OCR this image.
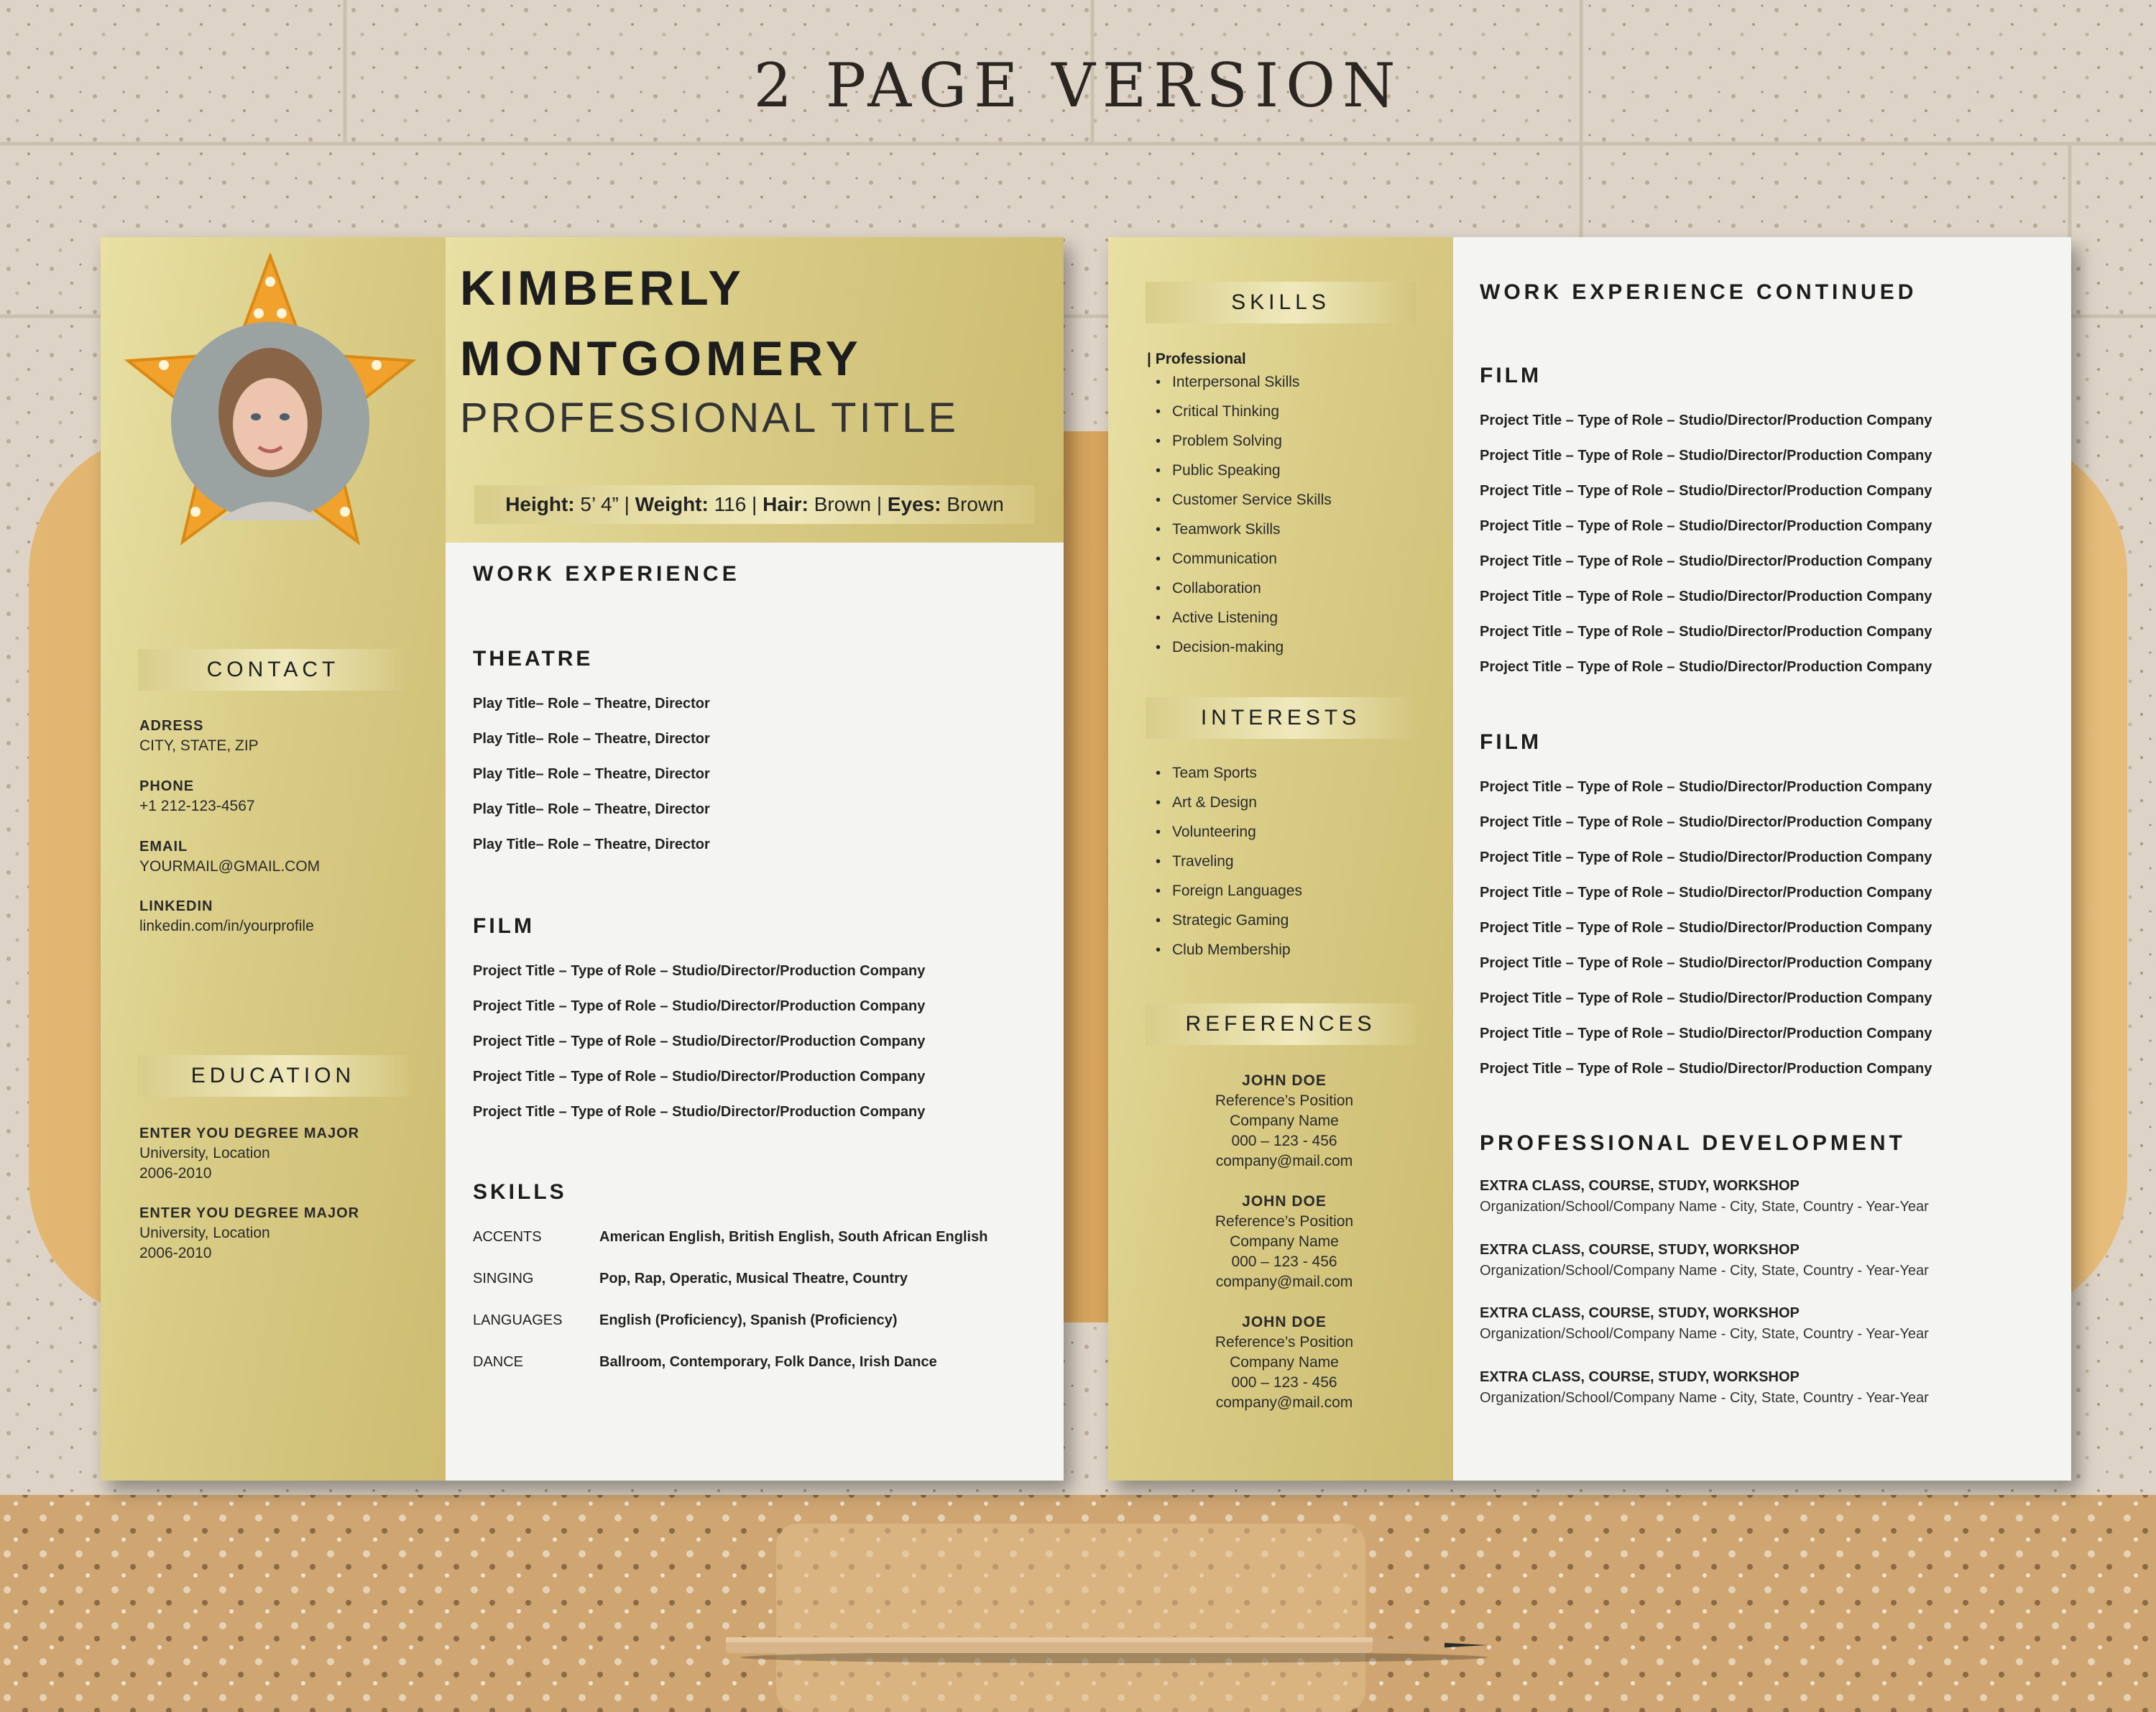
2 PAGE VERSION
CONTACT
ADRESS
CITY, STATE, ZIP
PHONE
+1 212-123-4567
EMAIL
YOURMAIL@GMAIL.COM
LINKEDIN
linkedin.com/in/yourprofile
EDUCATION
ENTER YOU DEGREE MAJOR
University, Location
2006-2010
ENTER YOU DEGREE MAJOR
University, Location
2006-2010
KIMBERLY
MONTGOMERY
PROFESSIONAL TITLE
Height: 5’ 4” | Weight: 116 | Hair: Brown | Eyes: Brown
WORK EXPERIENCE
THEATRE
Play Title– Role – Theatre, Director
Play Title– Role – Theatre, Director
Play Title– Role – Theatre, Director
Play Title– Role – Theatre, Director
Play Title– Role – Theatre, Director
FILM
Project Title – Type of Role – Studio/Director/Production Company
Project Title – Type of Role – Studio/Director/Production Company
Project Title – Type of Role – Studio/Director/Production Company
Project Title – Type of Role – Studio/Director/Production Company
Project Title – Type of Role – Studio/Director/Production Company
SKILLS
ACCENTS	American English, British English, South African English
SINGING	Pop, Rap, Operatic, Musical Theatre, Country
LANGUAGES	English (Proficiency), Spanish (Proficiency)
DANCE	Ballroom, Contemporary, Folk Dance, Irish Dance
SKILLS
| Professional
• Interpersonal Skills
• Critical Thinking
• Problem Solving
• Public Speaking
• Customer Service Skills
• Teamwork Skills
• Communication
• Collaboration
• Active Listening
• Decision-making
INTERESTS
• Team Sports
• Art & Design
• Volunteering
• Traveling
• Foreign Languages
• Strategic Gaming
• Club Membership
REFERENCES
JOHN DOE
Reference’s Position
Company Name
000 – 123 - 456
company@mail.com
JOHN DOE
Reference’s Position
Company Name
000 – 123 - 456
company@mail.com
JOHN DOE
Reference’s Position
Company Name
000 – 123 - 456
company@mail.com
WORK EXPERIENCE CONTINUED
FILM
Project Title – Type of Role – Studio/Director/Production Company
Project Title – Type of Role – Studio/Director/Production Company
Project Title – Type of Role – Studio/Director/Production Company
Project Title – Type of Role – Studio/Director/Production Company
Project Title – Type of Role – Studio/Director/Production Company
Project Title – Type of Role – Studio/Director/Production Company
Project Title – Type of Role – Studio/Director/Production Company
Project Title – Type of Role – Studio/Director/Production Company
FILM
Project Title – Type of Role – Studio/Director/Production Company
Project Title – Type of Role – Studio/Director/Production Company
Project Title – Type of Role – Studio/Director/Production Company
Project Title – Type of Role – Studio/Director/Production Company
Project Title – Type of Role – Studio/Director/Production Company
Project Title – Type of Role – Studio/Director/Production Company
Project Title – Type of Role – Studio/Director/Production Company
Project Title – Type of Role – Studio/Director/Production Company
Project Title – Type of Role – Studio/Director/Production Company
PROFESSIONAL DEVELOPMENT
EXTRA CLASS, COURSE, STUDY, WORKSHOP
Organization/School/Company Name - City, State, Country - Year-Year
EXTRA CLASS, COURSE, STUDY, WORKSHOP
Organization/School/Company Name - City, State, Country - Year-Year
EXTRA CLASS, COURSE, STUDY, WORKSHOP
Organization/School/Company Name - City, State, Country - Year-Year
EXTRA CLASS, COURSE, STUDY, WORKSHOP
Organization/School/Company Name - City, State, Country - Year-Year
